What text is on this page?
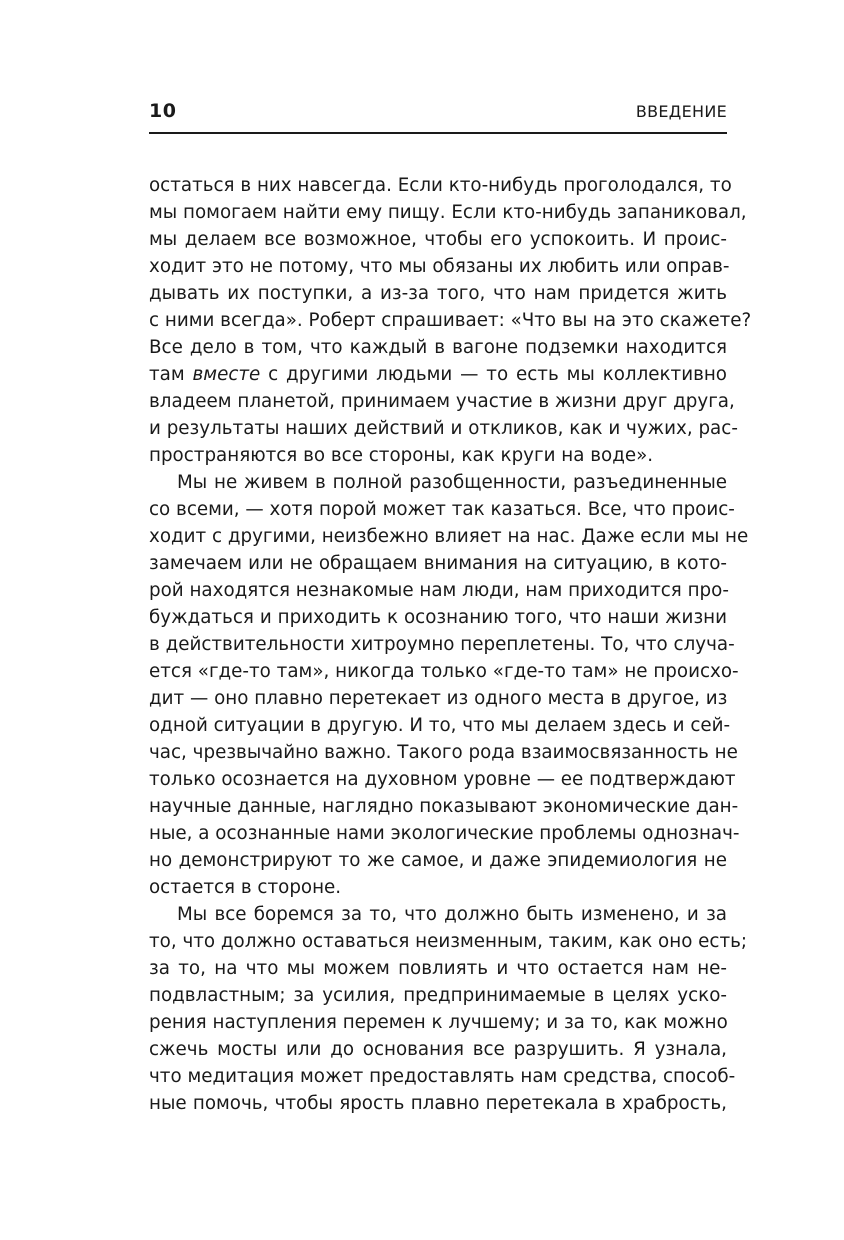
10	ВВЕДЕНИЕ
остаться в них навсегда. Если кто-нибудь проголодался, то
мы помогаем найти ему пищу. Если кто-нибудь запаниковал,
мы делаем все возможное, чтобы его успокоить. И проис-
ходит это не потому, что мы обязаны их любить или оправ-
дывать их поступки, а из-за того, что нам придется жить
с ними всегда». Роберт спрашивает: «Что вы на это скажете?
Все дело в том, что каждый в вагоне подземки находится
там вместе с другими людьми — то есть мы коллективно
владеем планетой, принимаем участие в жизни друг друга,
и результаты наших действий и откликов, как и чужих, рас-
пространяются во все стороны, как круги на воде».
Мы не живем в полной разобщенности, разъединенные
со всеми, — хотя порой может так казаться. Все, что проис-
ходит с другими, неизбежно влияет на нас. Даже если мы не
замечаем или не обращаем внимания на ситуацию, в кото-
рой находятся незнакомые нам люди, нам приходится про-
буждаться и приходить к осознанию того, что наши жизни
в действительности хитроумно переплетены. То, что случа-
ется «где-то там», никогда только «где-то там» не происхо-
дит — оно плавно перетекает из одного места в другое, из
одной ситуации в другую. И то, что мы делаем здесь и сей-
час, чрезвычайно важно. Такого рода взаимосвязанность не
только осознается на духовном уровне — ее подтверждают
научные данные, наглядно показывают экономические дан-
ные, а осознанные нами экологические проблемы однознач-
но демонстрируют то же самое, и даже эпидемиология не
остается в стороне.
Мы все боремся за то, что должно быть изменено, и за
то, что должно оставаться неизменным, таким, как оно есть;
за то, на что мы можем повлиять и что остается нам не-
подвластным; за усилия, предпринимаемые в целях уско-
рения наступления перемен к лучшему; и за то, как можно
сжечь мосты или до основания все разрушить. Я узнала,
что медитация может предоставлять нам средства, способ-
ные помочь, чтобы ярость плавно перетекала в храбрость,
